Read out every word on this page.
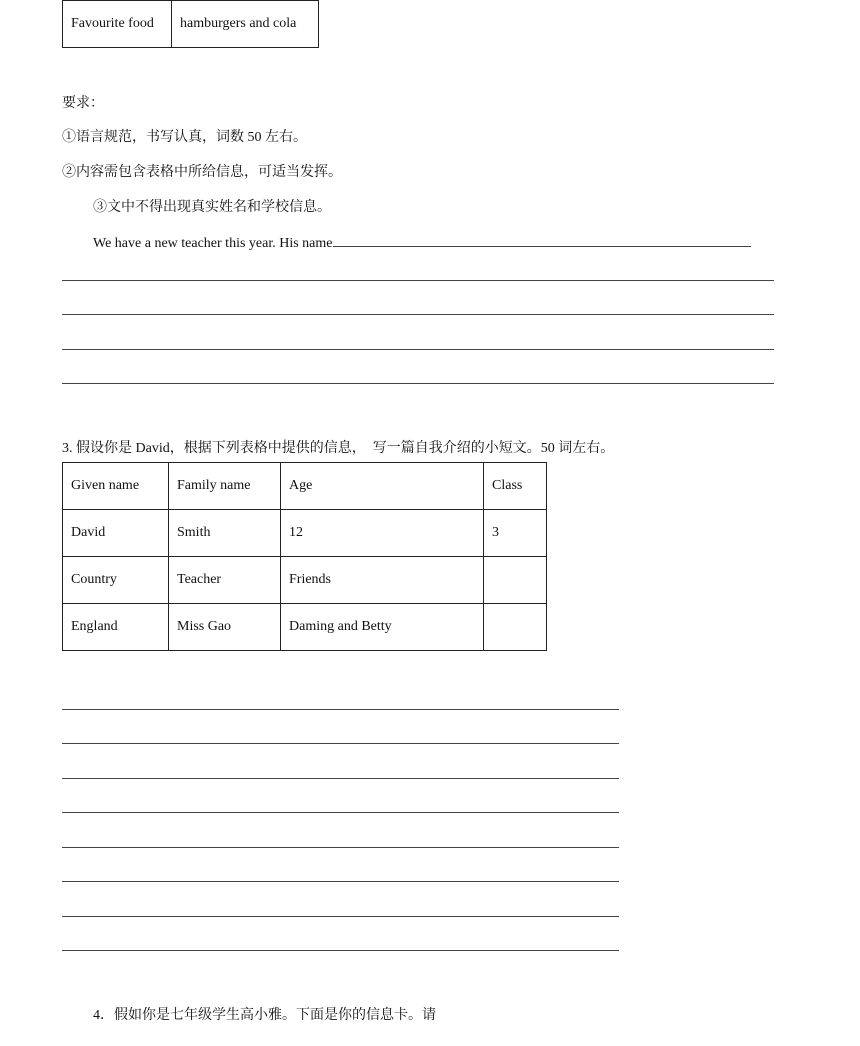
Favourite food	hamburgers and cola
要求：
①语言规范，书写认真，词数 50 左右。
②内容需包含表格中所给信息，可适当发挥。
③文中不得出现真实姓名和学校信息。
We have a new teacher this year. His name
3. 假设你是 David，根据下列表格中提供的信息，  写一篇自我介绍的小短文。50 词左右。
Given name	Family name	Age	Class
David	Smith	12	3
Country	Teacher	Friends	
England	Miss Gao	Daming and Betty	
4．假如你是七年级学生高小雅。下面是你的信息卡。请
